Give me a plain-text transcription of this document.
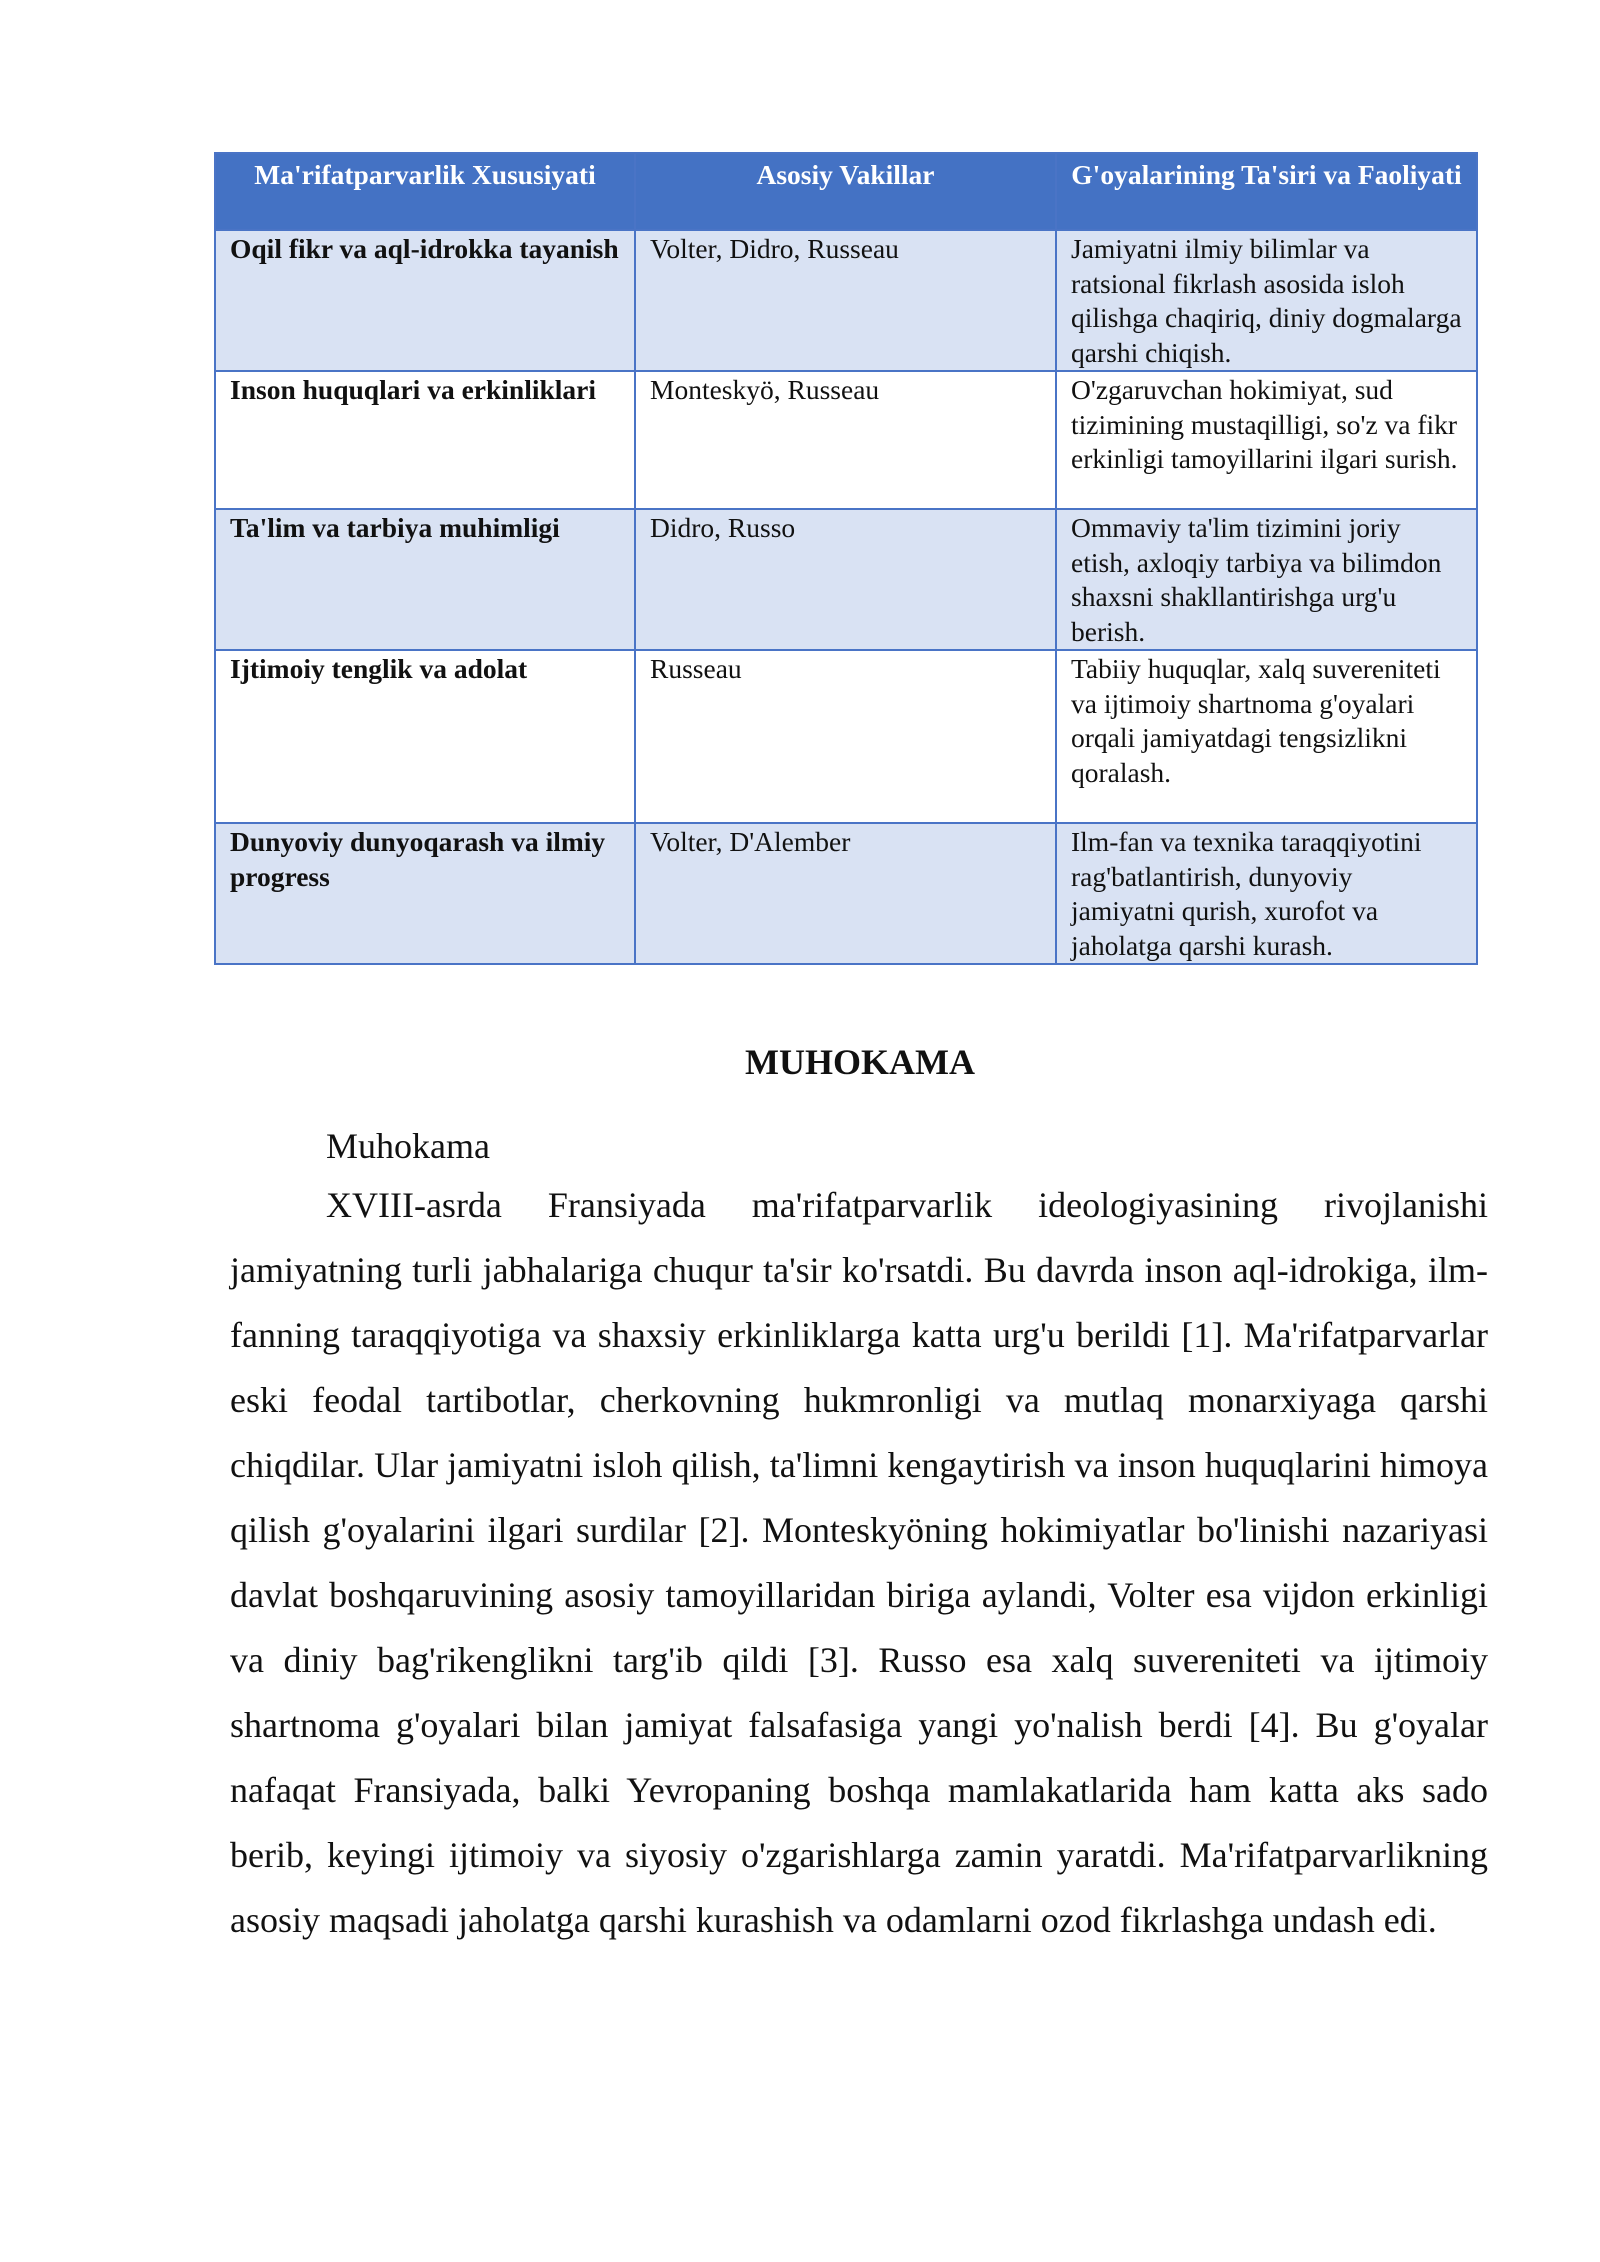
Ma'rifatparvarlik Xususiyati	Asosiy Vakillar	G'oyalarining Ta'siri va Faoliyati
Oqil fikr va aql-idrokka tayanish	Volter, Didro, Russeau	Jamiyatni ilmiy bilimlar va ratsional fikrlash asosida isloh qilishga chaqiriq, diniy dogmalarga qarshi chiqish.
Inson huquqlari va erkinliklari	Monteskyö, Russeau	O'zgaruvchan hokimiyat, sud tizimining mustaqilligi, so'z va fikr erkinligi tamoyillarini ilgari surish.
Ta'lim va tarbiya muhimligi	Didro, Russo	Ommaviy ta'lim tizimini joriy etish, axloqiy tarbiya va bilimdon shaxsni shakllantirishga urg'u berish.
Ijtimoiy tenglik va adolat	Russeau	Tabiiy huquqlar, xalq suvereniteti va ijtimoiy shartnoma g'oyalari orqali jamiyatdagi tengsizlikni qoralash.
Dunyoviy dunyoqarash va ilmiy progress	Volter, D'Alember	Ilm-fan va texnika taraqqiyotini rag'batlantirish, dunyoviy jamiyatni qurish, xurofot va jaholatga qarshi kurash.
MUHOKAMA
Muhokama

XVIII-asrda Fransiyada ma'rifatparvarlik ideologiyasining rivojlanishi jamiyatning turli jabhalariga chuqur ta'sir ko'rsatdi. Bu davrda inson aql-idrokiga, ilm-fanning taraqqiyotiga va shaxsiy erkinliklarga katta urg'u berildi [1]. Ma'rifatparvarlar eski feodal tartibotlar, cherkovning hukmronligi va mutlaq monarxiyaga qarshi chiqdilar. Ular jamiyatni isloh qilish, ta'limni kengaytirish va inson huquqlarini himoya qilish g'oyalarini ilgari surdilar [2]. Monteskyöning hokimiyatlar bo'linishi nazariyasi davlat boshqaruvining asosiy tamoyillaridan biriga aylandi, Volter esa vijdon erkinligi va diniy bag'rikenglikni targ'ib qildi [3]. Russo esa xalq suvereniteti va ijtimoiy shartnoma g'oyalari bilan jamiyat falsafasiga yangi yo'nalish berdi [4]. Bu g'oyalar nafaqat Fransiyada, balki Yevropaning boshqa mamlakatlarida ham katta aks sado berib, keyingi ijtimoiy va siyosiy o'zgarishlarga zamin yaratdi. Ma'rifatparvarlikning asosiy maqsadi jaholatga qarshi kurashish va odamlarni ozod fikrlashga undash edi.
